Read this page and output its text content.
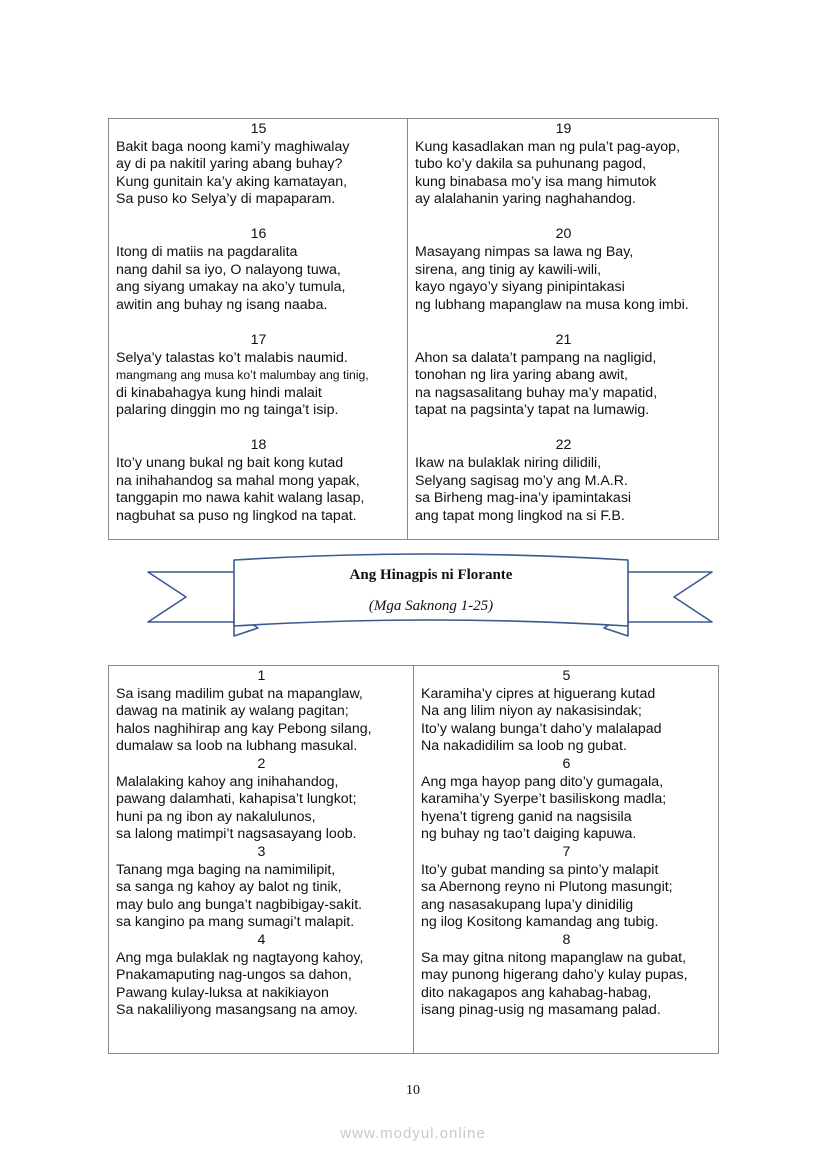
15
Bakit baga noong kami’y maghiwalay
ay di pa nakitil yaring abang buhay?
Kung gunitain ka’y aking kamatayan,
Sa puso ko Selya’y di mapaparam.
16
Itong di matiis na pagdaralita
nang dahil sa iyo, O nalayong tuwa,
ang siyang umakay na ako’y tumula,
awitin ang buhay ng isang naaba.
17
Selya’y talastas ko’t malabis naumid.
mangmang ang musa ko’t malumbay ang tinig,
di kinabahagya kung hindi malait
palaring dinggin mo ng tainga’t isip.
18
Ito’y unang bukal ng bait kong kutad
na inihahandog sa mahal mong yapak,
tanggapin mo nawa kahit walang lasap,
nagbuhat sa puso ng lingkod na tapat.
19
Kung kasadlakan man ng pula’t pag-ayop,
tubo ko’y dakila sa puhunang pagod,
kung binabasa mo’y isa mang himutok
ay alalahanin yaring naghahandog.
20
Masayang nimpas sa lawa ng Bay,
sirena, ang tinig ay kawili-wili,
kayo ngayo’y siyang pinipintakasi
ng lubhang mapanglaw na musa kong imbi.
21
Ahon sa dalata’t pampang na nagligid,
tonohan ng lira yaring abang awit,
na nagsasalitang buhay ma’y mapatid,
tapat na pagsinta’y tapat na lumawig.
22
Ikaw na bulaklak niring dilidili,
Selyang sagisag mo’y ang M.A.R.
sa Birheng mag-ina’y ipamintakasi
ang tapat mong lingkod na si F.B.
Ang Hinagpis ni Florante
(Mga Saknong 1-25)
1
Sa isang madilim gubat na mapanglaw,
dawag na matinik ay walang pagitan;
halos naghihirap ang kay Pebong silang,
dumalaw sa loob na lubhang masukal.
2
Malalaking kahoy ang inihahandog,
pawang dalamhati, kahapisa’t lungkot;
huni pa ng ibon ay nakalulunos,
sa lalong matimpi’t nagsasayang loob.
3
Tanang mga baging na namimilipit,
sa sanga ng kahoy ay balot ng tinik,
may bulo ang bunga’t nagbibigay-sakit.
sa kangino pa mang sumagi’t malapit.
4
Ang mga bulaklak ng nagtayong kahoy,
Pnakamaputing nag-ungos sa dahon,
Pawang kulay-luksa at nakikiayon
Sa nakaliliyong masangsang na amoy.
5
Karamiha’y cipres at higuerang kutad
Na ang lilim niyon ay nakasisindak;
Ito’y walang bunga’t daho’y malalapad
Na nakadidilim sa loob ng gubat.
6
Ang mga hayop pang dito’y gumagala,
karamiha’y Syerpe’t basiliskong madla;
hyena’t tigreng ganid na nagsisila
ng buhay ng tao’t daiging kapuwa.
7
Ito’y gubat manding sa pinto’y malapit
sa Abernong reyno ni Plutong masungit;
ang nasasakupang lupa’y dinidilig
ng ilog Kositong kamandag ang tubig.
8
Sa may gitna nitong mapanglaw na gubat,
may punong higerang daho’y kulay pupas,
dito nakagapos ang kahabag-habag,
isang pinag-usig ng masamang palad.
10
www.modyul.online
